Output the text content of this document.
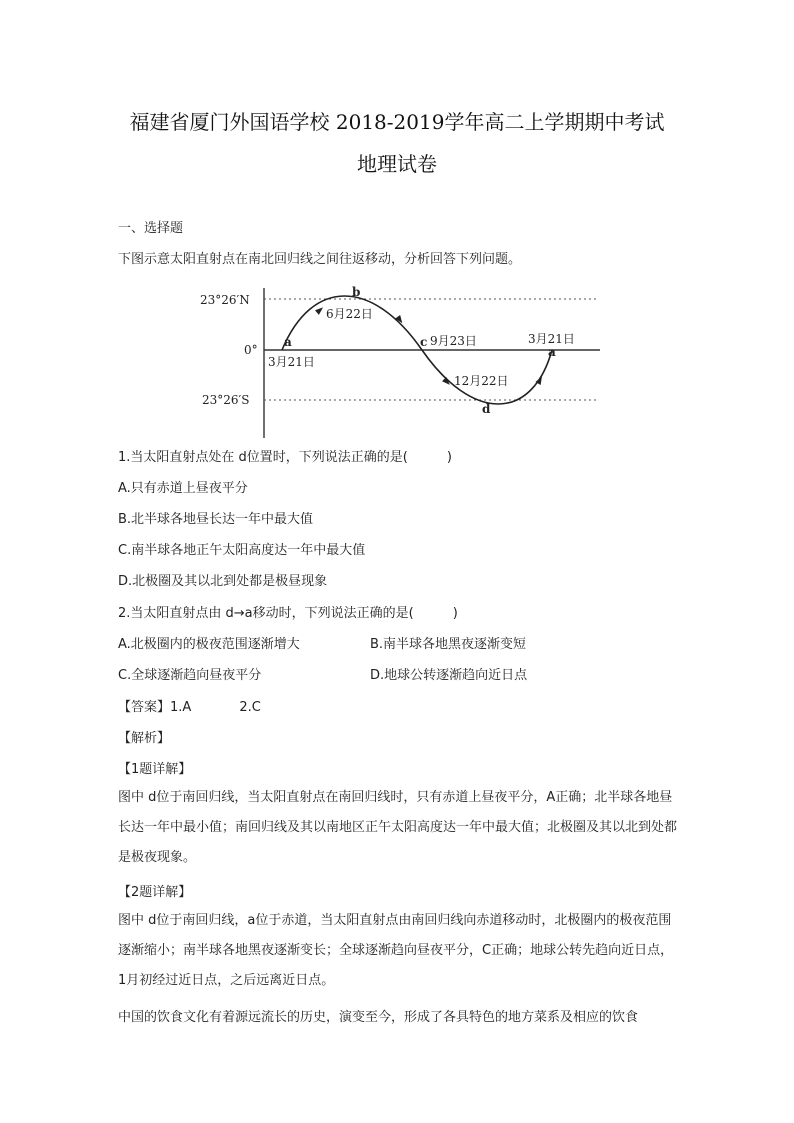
福建省厦门外国语学校 2018-2019学年高二上学期期中考试
地理试卷
一、选择题
下图示意太阳直射点在南北回归线之间往返移动，分析回答下列问题。
23°26′N
0°
23°26′S
a
b
c
d
a
3月21日
6月22日
9月23日
12月22日
3月21日
1.当太阳直射点处在 d位置时，下列说法正确的是(　　　)
A.只有赤道上昼夜平分
B.北半球各地昼长达一年中最大值
C.南半球各地正午太阳高度达一年中最大值
D.北极圈及其以北到处都是极昼现象
2.当太阳直射点由 d→a移动时，下列说法正确的是(　　　)
A.北极圈内的极夜范围逐渐增大	B.南半球各地黑夜逐渐变短
C.全球逐渐趋向昼夜平分	D.地球公转逐渐趋向近日点
【答案】1.A	2.C
【解析】
【1题详解】
图中 d位于南回归线，当太阳直射点在南回归线时，只有赤道上昼夜平分，A正确；北半球各地昼长达一年中最小值；南回归线及其以南地区正午太阳高度达一年中最大值；北极圈及其以北到处都是极夜现象。
【2题详解】
图中 d位于南回归线，a位于赤道，当太阳直射点由南回归线向赤道移动时，北极圈内的极夜范围逐渐缩小；南半球各地黑夜逐渐变长；全球逐渐趋向昼夜平分，C正确；地球公转先趋向近日点，1月初经过近日点，之后远离近日点。
中国的饮食文化有着源远流长的历史，演变至今，形成了各具特色的地方菜系及相应的饮食
